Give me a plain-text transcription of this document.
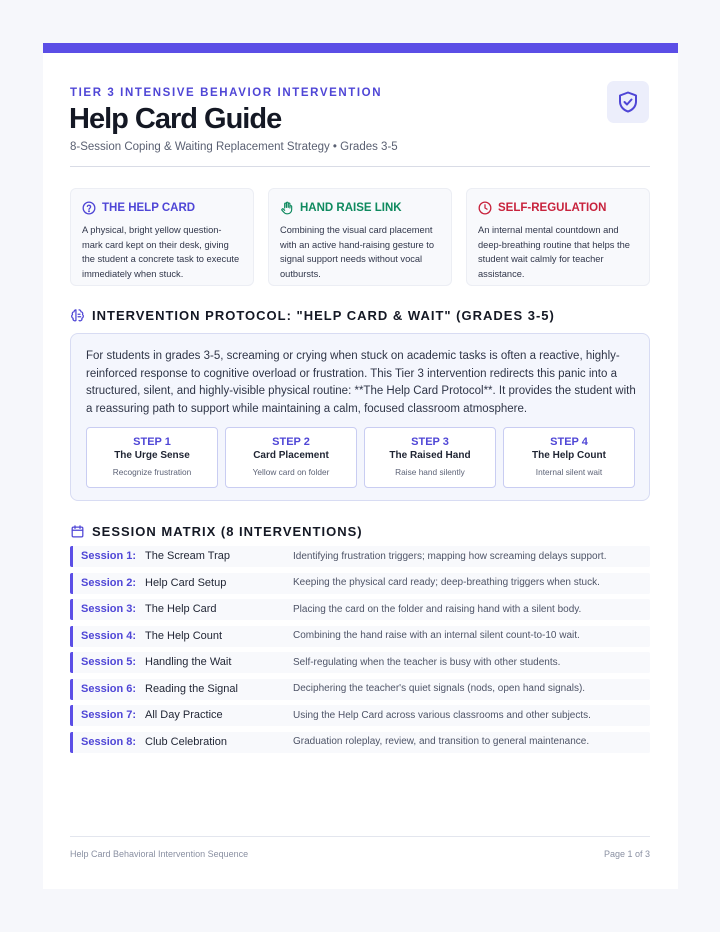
TIER 3 INTENSIVE BEHAVIOR INTERVENTION
Help Card Guide
8-Session Coping & Waiting Replacement Strategy • Grades 3-5
THE HELP CARD
A physical, bright yellow question-mark card kept on their desk, giving the student a concrete task to execute immediately when stuck.
HAND RAISE LINK
Combining the visual card placement with an active hand-raising gesture to signal support needs without vocal outbursts.
SELF-REGULATION
An internal mental countdown and deep-breathing routine that helps the student wait calmly for teacher assistance.
INTERVENTION PROTOCOL: "HELP CARD & WAIT" (GRADES 3-5)
For students in grades 3-5, screaming or crying when stuck on academic tasks is often a reactive, highly-reinforced response to cognitive overload or frustration. This Tier 3 intervention redirects this panic into a structured, silent, and highly-visible physical routine: **The Help Card Protocol**. It provides the student with a reassuring path to support while maintaining a calm, focused classroom atmosphere.
STEP 1
The Urge Sense
Recognize frustration
STEP 2
Card Placement
Yellow card on folder
STEP 3
The Raised Hand
Raise hand silently
STEP 4
The Help Count
Internal silent wait
SESSION MATRIX (8 INTERVENTIONS)
Session 1: The Scream Trap	Identifying frustration triggers; mapping how screaming delays support.
Session 2: Help Card Setup	Keeping the physical card ready; deep-breathing triggers when stuck.
Session 3: The Help Card	Placing the card on the folder and raising hand with a silent body.
Session 4: The Help Count	Combining the hand raise with an internal silent count-to-10 wait.
Session 5: Handling the Wait	Self-regulating when the teacher is busy with other students.
Session 6: Reading the Signal	Deciphering the teacher's quiet signals (nods, open hand signals).
Session 7: All Day Practice	Using the Help Card across various classrooms and other subjects.
Session 8: Club Celebration	Graduation roleplay, review, and transition to general maintenance.
Help Card Behavioral Intervention Sequence	Page 1 of 3
